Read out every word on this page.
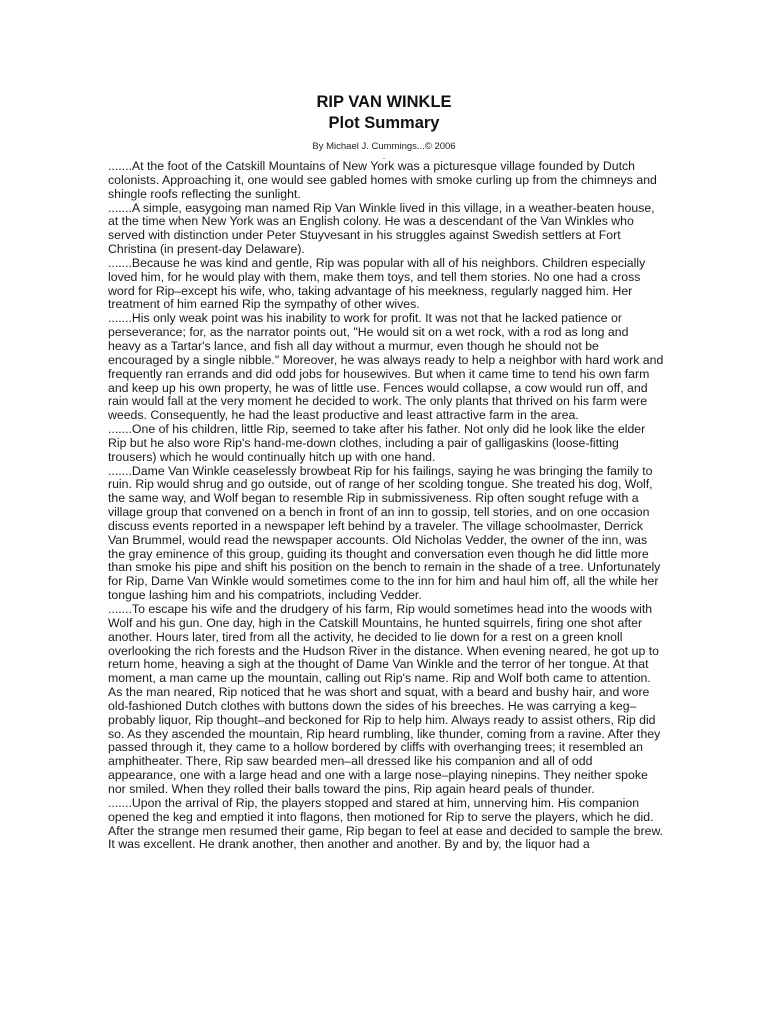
RIP VAN WINKLE
Plot Summary
By Michael J. Cummings...© 2006
.

.......At the foot of the Catskill Mountains of New York was a picturesque village founded by Dutch colonists. Approaching it, one would see gabled homes with smoke curling up from the chimneys and shingle roofs reflecting the sunlight.

.......A simple, easygoing man named Rip Van Winkle lived in this village, in a weather-beaten house, at the time when New York was an English colony. He was a descendant of the Van Winkles who served with distinction under Peter Stuyvesant in his struggles against Swedish settlers at Fort Christina (in present-day Delaware).

.......Because he was kind and gentle, Rip was popular with all of his neighbors. Children especially loved him, for he would play with them, make them toys, and tell them stories. No one had a cross word for Rip–except his wife, who, taking advantage of his meekness, regularly nagged him. Her treatment of him earned Rip the sympathy of other wives.

.......His only weak point was his inability to work for profit. It was not that he lacked patience or perseverance; for, as the narrator points out, "He would sit on a wet rock, with a rod as long and heavy as a Tartar's lance, and fish all day without a murmur, even though he should not be encouraged by a single nibble." Moreover, he was always ready to help a neighbor with hard work and frequently ran errands and did odd jobs for housewives. But when it came time to tend his own farm and keep up his own property, he was of little use. Fences would collapse, a cow would run off, and rain would fall at the very moment he decided to work. The only plants that thrived on his farm were weeds. Consequently, he had the least productive and least attractive farm in the area.

.......One of his children, little Rip, seemed to take after his father. Not only did he look like the elder Rip but he also wore Rip's hand-me-down clothes, including a pair of galligaskins (loose-fitting trousers) which he would continually hitch up with one hand.

.......Dame Van Winkle ceaselessly browbeat Rip for his failings, saying he was bringing the family to ruin. Rip would shrug and go outside, out of range of her scolding tongue. She treated his dog, Wolf, the same way, and Wolf began to resemble Rip in submissiveness. Rip often sought refuge with a village group that convened on a bench in front of an inn to gossip, tell stories, and on one occasion discuss events reported in a newspaper left behind by a traveler. The village schoolmaster, Derrick Van Brummel, would read the newspaper accounts. Old Nicholas Vedder, the owner of the inn, was the gray eminence of this group, guiding its thought and conversation even though he did little more than smoke his pipe and shift his position on the bench to remain in the shade of a tree. Unfortunately for Rip, Dame Van Winkle would sometimes come to the inn for him and haul him off, all the while her tongue lashing him and his compatriots, including Vedder.

.......To escape his wife and the drudgery of his farm, Rip would sometimes head into the woods with Wolf and his gun. One day, high in the Catskill Mountains, he hunted squirrels, firing one shot after another. Hours later, tired from all the activity, he decided to lie down for a rest on a green knoll overlooking the rich forests and the Hudson River in the distance. When evening neared, he got up to return home, heaving a sigh at the thought of Dame Van Winkle and the terror of her tongue. At that moment, a man came up the mountain, calling out Rip's name. Rip and Wolf both came to attention. As the man neared, Rip noticed that he was short and squat, with a beard and bushy hair, and wore old-fashioned Dutch clothes with buttons down the sides of his breeches. He was carrying a keg–probably liquor, Rip thought–and beckoned for Rip to help him. Always ready to assist others, Rip did so. As they ascended the mountain, Rip heard rumbling, like thunder, coming from a ravine. After they passed through it, they came to a hollow bordered by cliffs with overhanging trees; it resembled an amphitheater. There, Rip saw bearded men–all dressed like his companion and all of odd appearance, one with a large head and one with a large nose–playing ninepins. They neither spoke nor smiled. When they rolled their balls toward the pins, Rip again heard peals of thunder.

.......Upon the arrival of Rip, the players stopped and stared at him, unnerving him. His companion opened the keg and emptied it into flagons, then motioned for Rip to serve the players, which he did. After the strange men resumed their game, Rip began to feel at ease and decided to sample the brew. It was excellent. He drank another, then another and another. By and by, the liquor had a
